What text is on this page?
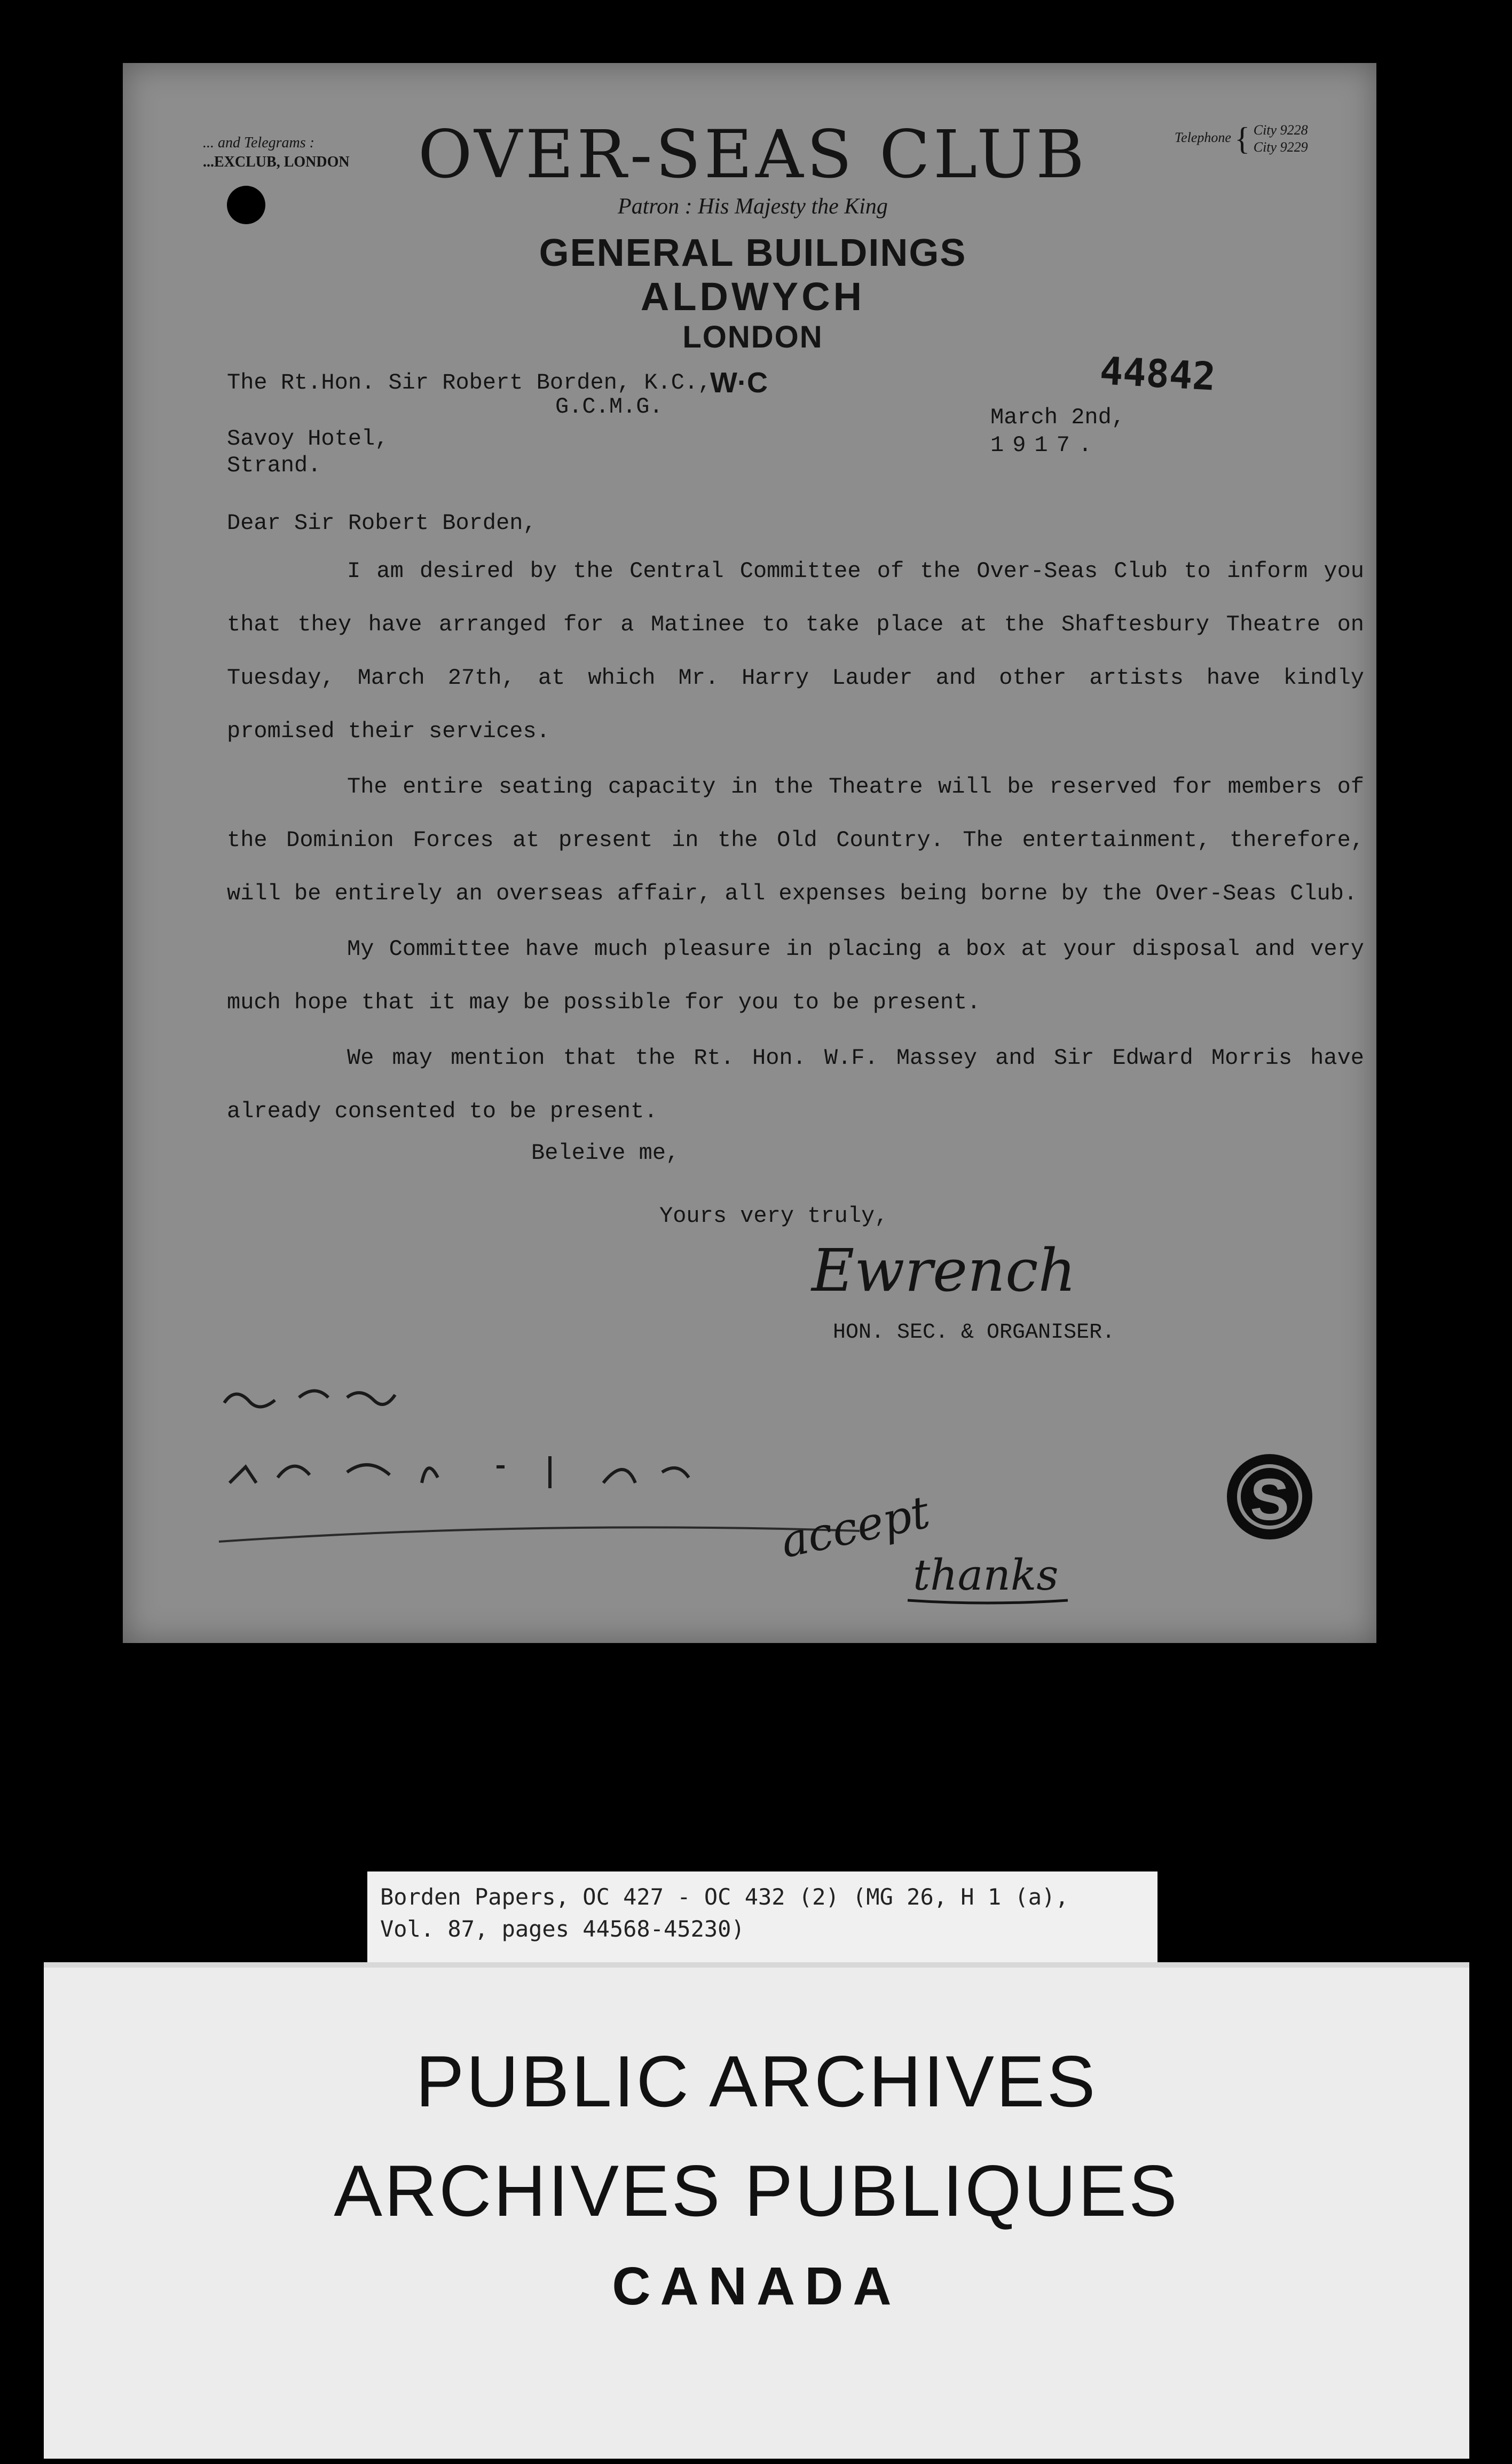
... and Telegrams :
...EXCLUB, LONDON
Telephone { City 9228
City 9229
OVER-SEAS CLUB
Patron : His Majesty the King
GENERAL BUILDINGS
ALDWYCH
LONDON
W·C	44842
The Rt.Hon. Sir Robert Borden, K.C.,
G.C.M.G.
Savoy Hotel,
Strand.
March 2nd,
1917.
Dear Sir Robert Borden,

I am desired by the Central Committee of the Over-Seas Club to inform you that they have arranged for a Matinee to take place at the Shaftesbury Theatre on Tuesday, March 27th, at which Mr. Harry Lauder and other artists have kindly promised their services.

The entire seating capacity in the Theatre will be reserved for members of the Dominion Forces at present in the Old Country. The entertainment, therefore, will be entirely an overseas affair, all expenses being borne by the Over-Seas Club.

My Committee have much pleasure in placing a box at your disposal and very much hope that it may be possible for you to be present.

We may mention that the Rt. Hon. W.F. Massey and Sir Edward Morris have already consented to be present.

Beleive me,
Yours very truly,
Ewrench
accept
thanks
HON. SEC. & ORGANISER.
S
Borden Papers, OC 427 - OC 432 (2) (MG 26, H 1 (a),
Vol. 87, pages 44568-45230)
PUBLIC ARCHIVES
ARCHIVES PUBLIQUES
CANADA
